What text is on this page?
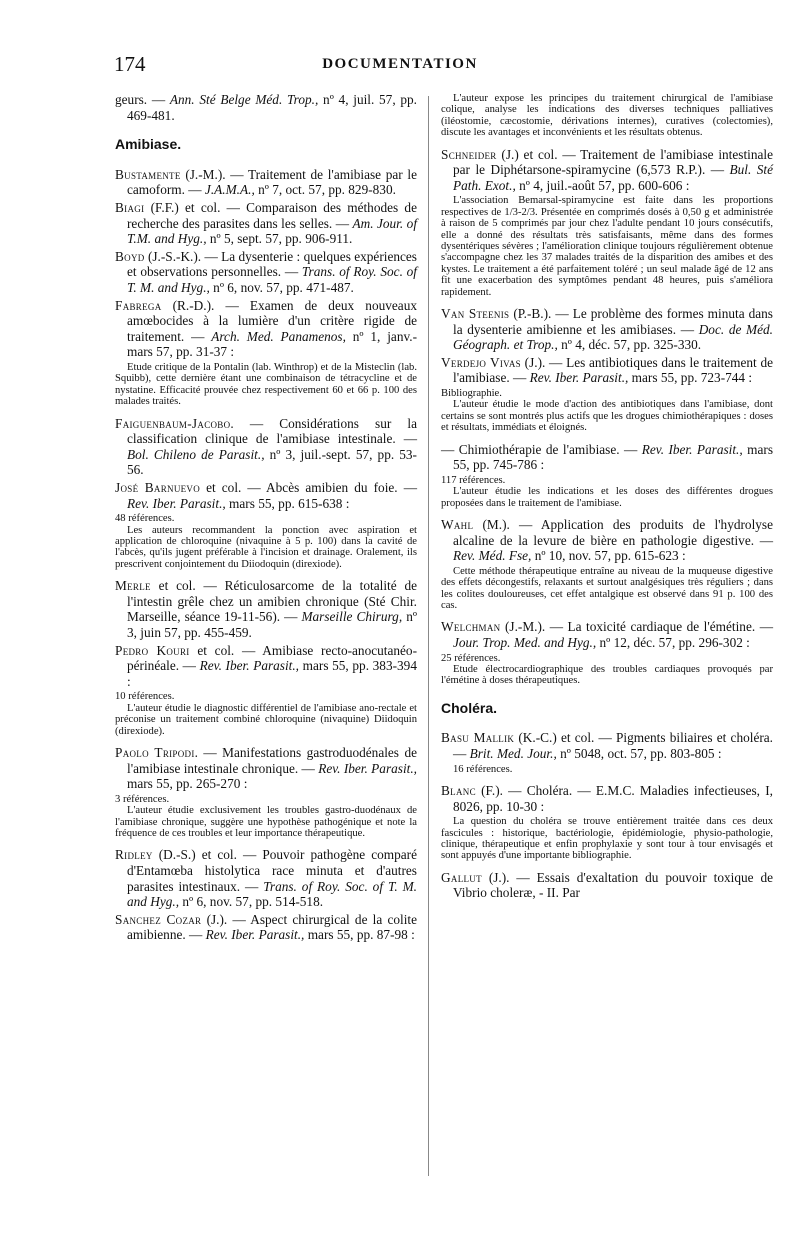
174	DOCUMENTATION

geurs. — Ann. Sté Belge Méd. Trop., nº 4, juil. 57, pp. 469-481.

Amibiase.

Bustamente (J.-M.). — Traitement de l'amibiase par le camoform. — J.A.M.A., nº 7, oct. 57, pp. 829-830.

Biagi (F.F.) et col. — Comparaison des méthodes de recherche des parasites dans les selles. — Am. Jour. of T.M. and Hyg., nº 5, sept. 57, pp. 906-911.

Boyd (J.-S.-K.). — La dysenterie : quelques expériences et observations personnelles. — Trans. of Roy. Soc. of T. M. and Hyg., nº 6, nov. 57, pp. 471-487.

Fabrega (R.-D.). — Examen de deux nouveaux amœbocides à la lumière d'un critère rigide de traitement. — Arch. Med. Panamenos, nº 1, janv.-mars 57, pp. 31-37 :

Etude critique de la Pontalin (lab. Winthrop) et de la Misteclin (lab. Squibb), cette dernière étant une combinaison de tétracycline et de nystatine. Efficacité prouvée chez respectivement 60 et 66 p. 100 des malades traités.

Faiguenbaum-Jacobo. — Considérations sur la classification clinique de l'amibiase intestinale. — Bol. Chileno de Parasit., nº 3, juil.-sept. 57, pp. 53-56.

José Barnuevo et col. — Abcès amibien du foie. — Rev. Iber. Parasit., mars 55, pp. 615-638 :

48 références.

Les auteurs recommandent la ponction avec aspiration et application de chloroquine (nivaquine à 5 p. 100) dans la cavité de l'abcès, qu'ils jugent préférable à l'incision et drainage. Oralement, ils prescrivent conjointement du Diiodoquin (direxiode).

Merle et col. — Réticulosarcome de la totalité de l'intestin grêle chez un amibien chronique (Sté Chir. Marseille, séance 19-11-56). — Marseille Chirurg, nº 3, juin 57, pp. 455-459.

Pedro Kouri et col. — Amibiase recto-anocutanéo-périnéale. — Rev. Iber. Parasit., mars 55, pp. 383-394 :

10 références.

L'auteur étudie le diagnostic différentiel de l'amibiase ano-rectale et préconise un traitement combiné chloroquine (nivaquine) Diidoquin (direxiode).

Paolo Tripodi. — Manifestations gastroduodénales de l'amibiase intestinale chronique. — Rev. Iber. Parasit., mars 55, pp. 265-270 :

3 références.

L'auteur étudie exclusivement les troubles gastro-duodénaux de l'amibiase chronique, suggère une hypothèse pathogénique et note la fréquence de ces troubles et leur importance thérapeutique.

Ridley (D.-S.) et col. — Pouvoir pathogène comparé d'Entamœba histolytica race minuta et d'autres parasites intestinaux. — Trans. of Roy. Soc. of T. M. and Hyg., nº 6, nov. 57, pp. 514-518.

Sanchez Cozar (J.). — Aspect chirurgical de la colite amibienne. — Rev. Iber. Parasit., mars 55, pp. 87-98 :

L'auteur expose les principes du traitement chirurgical de l'amibiase colique, analyse les indications des diverses techniques palliatives (iléostomie, cæcostomie, dérivations internes), curatives (colectomies), discute les avantages et inconvénients et les résultats obtenus.

Schneider (J.) et col. — Traitement de l'amibiase intestinale par le Diphétarsone-spiramycine (6,573 R.P.). — Bul. Sté Path. Exot., nº 4, juil.-août 57, pp. 600-606 :

L'association Bemarsal-spiramycine est faite dans les proportions respectives de 1/3-2/3. Présentée en comprimés dosés à 0,50 g et administrée à raison de 5 comprimés par jour chez l'adulte pendant 10 jours consécutifs, elle a donné des résultats très satisfaisants, même dans des formes dysentériques sévères ; l'amélioration clinique toujours régulièrement obtenue s'accompagne chez les 37 malades traités de la disparition des amibes et des kystes. Le traitement a été parfaitement toléré ; un seul malade âgé de 12 ans fit une exacerbation des symptômes pendant 48 heures, puis s'améliora rapidement.

Van Steenis (P.-B.). — Le problème des formes minuta dans la dysenterie amibienne et les amibiases. — Doc. de Méd. Géograph. et Trop., nº 4, déc. 57, pp. 325-330.

Verdejo Vivas (J.). — Les antibiotiques dans le traitement de l'amibiase. — Rev. Iber. Parasit., mars 55, pp. 723-744 :

Bibliographie.

L'auteur étudie le mode d'action des antibiotiques dans l'amibiase, dont certains se sont montrés plus actifs que les drogues chimiothérapiques : doses et résultats, immédiats et éloignés.

— Chimiothérapie de l'amibiase. — Rev. Iber. Parasit., mars 55, pp. 745-786 :

117 références.

L'auteur étudie les indications et les doses des différentes drogues proposées dans le traitement de l'amibiase.

Wahl (M.). — Application des produits de l'hydrolyse alcaline de la levure de bière en pathologie digestive. — Rev. Méd. Fse, nº 10, nov. 57, pp. 615-623 :

Cette méthode thérapeutique entraîne au niveau de la muqueuse digestive des effets décongestifs, relaxants et surtout analgésiques très réguliers ; dans les colites douloureuses, cet effet antalgique est observé dans 91 p. 100 des cas.

Welchman (J.-M.). — La toxicité cardiaque de l'émétine. — Jour. Trop. Med. and Hyg., nº 12, déc. 57, pp. 296-302 :

25 références.

Etude électrocardiographique des troubles cardiaques provoqués par l'émétine à doses thérapeutiques.

Choléra.

Basu Mallik (K.-C.) et col. — Pigments biliaires et choléra. — Brit. Med. Jour., nº 5048, oct. 57, pp. 803-805 :

16 références.

Blanc (F.). — Choléra. — E.M.C. Maladies infectieuses, I, 8026, pp. 10-30 :

La question du choléra se trouve entièrement traitée dans ces deux fascicules : historique, bactériologie, épidémiologie, physio-pathologie, clinique, thérapeutique et enfin prophylaxie y sont tour à tour envisagés et sont appuyés d'une importante bibliographie.

Gallut (J.). — Essais d'exaltation du pouvoir toxique de Vibrio choleræ, - II. Par
